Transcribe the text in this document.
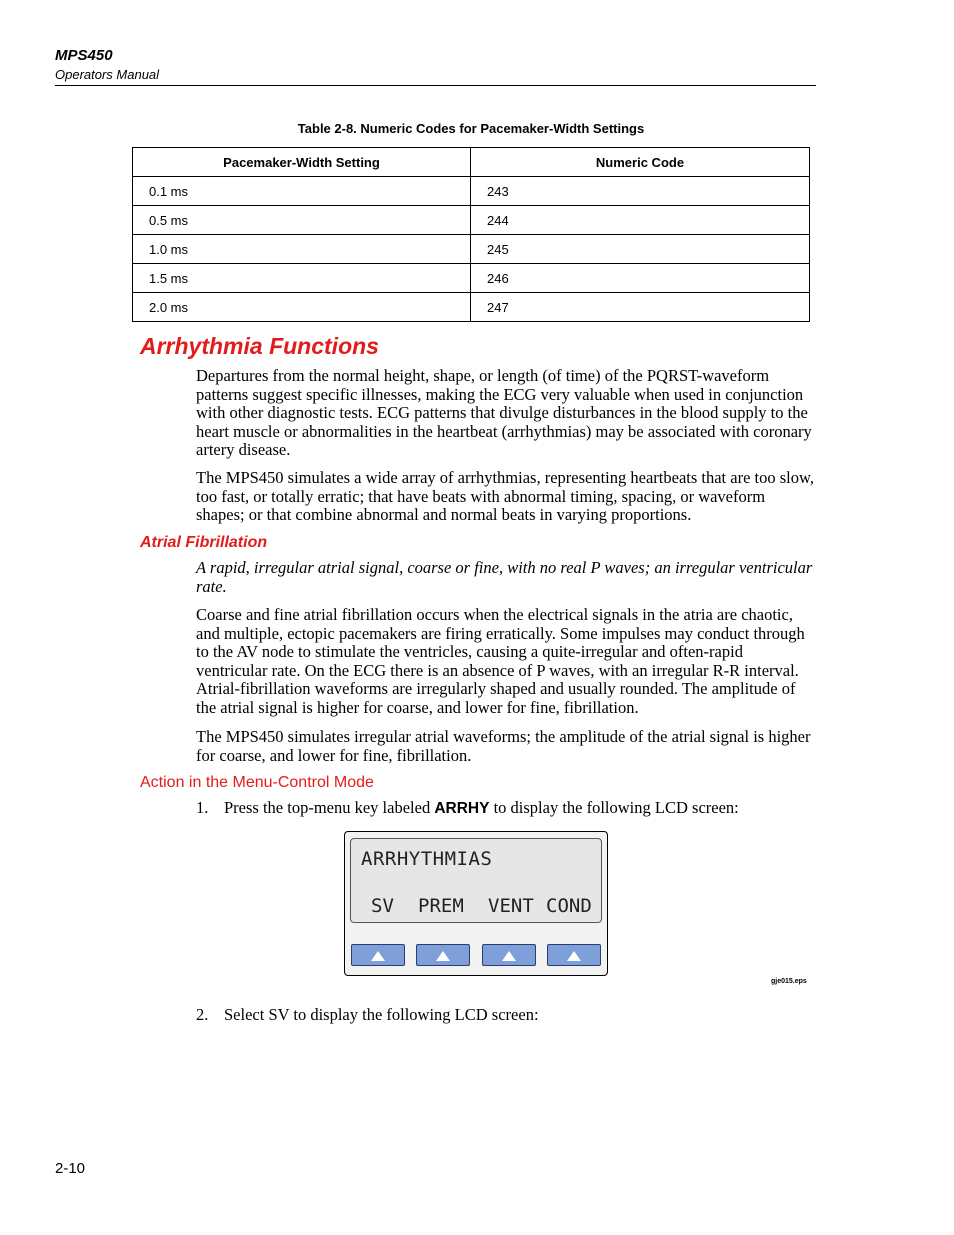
MPS450
Operators Manual
Table 2-8. Numeric Codes for Pacemaker-Width Settings
Pacemaker-Width Setting	Numeric Code
0.1 ms	243
0.5 ms	244
1.0 ms	245
1.5 ms	246
2.0 ms	247
Arrhythmia Functions
Departures from the normal height, shape, or length (of time) of the PQRST-waveform patterns suggest specific illnesses, making the ECG very valuable when used in conjunction with other diagnostic tests. ECG patterns that divulge disturbances in the blood supply to the heart muscle or abnormalities in the heartbeat (arrhythmias) may be associated with coronary artery disease.
The MPS450 simulates a wide array of arrhythmias, representing heartbeats that are too slow, too fast, or totally erratic; that have beats with abnormal timing, spacing, or waveform shapes; or that combine abnormal and normal beats in varying proportions.
Atrial Fibrillation
A rapid, irregular atrial signal, coarse or fine, with no real P waves; an irregular ventricular rate.
Coarse and fine atrial fibrillation occurs when the electrical signals in the atria are chaotic, and multiple, ectopic pacemakers are firing erratically. Some impulses may conduct through to the AV node to stimulate the ventricles, causing a quite-irregular and often-rapid ventricular rate. On the ECG there is an absence of P waves, with an irregular R-R interval. Atrial-fibrillation waveforms are irregularly shaped and usually rounded. The amplitude of the atrial signal is higher for coarse, and lower for fine, fibrillation.
The MPS450 simulates irregular atrial waveforms; the amplitude of the atrial signal is higher for coarse, and lower for fine, fibrillation.
Action in the Menu-Control Mode
1. Press the top-menu key labeled ARRHY to display the following LCD screen:
ARRHYTHMIAS
SV PREM VENT COND
gje015.eps
2. Select SV to display the following LCD screen:
2-10
